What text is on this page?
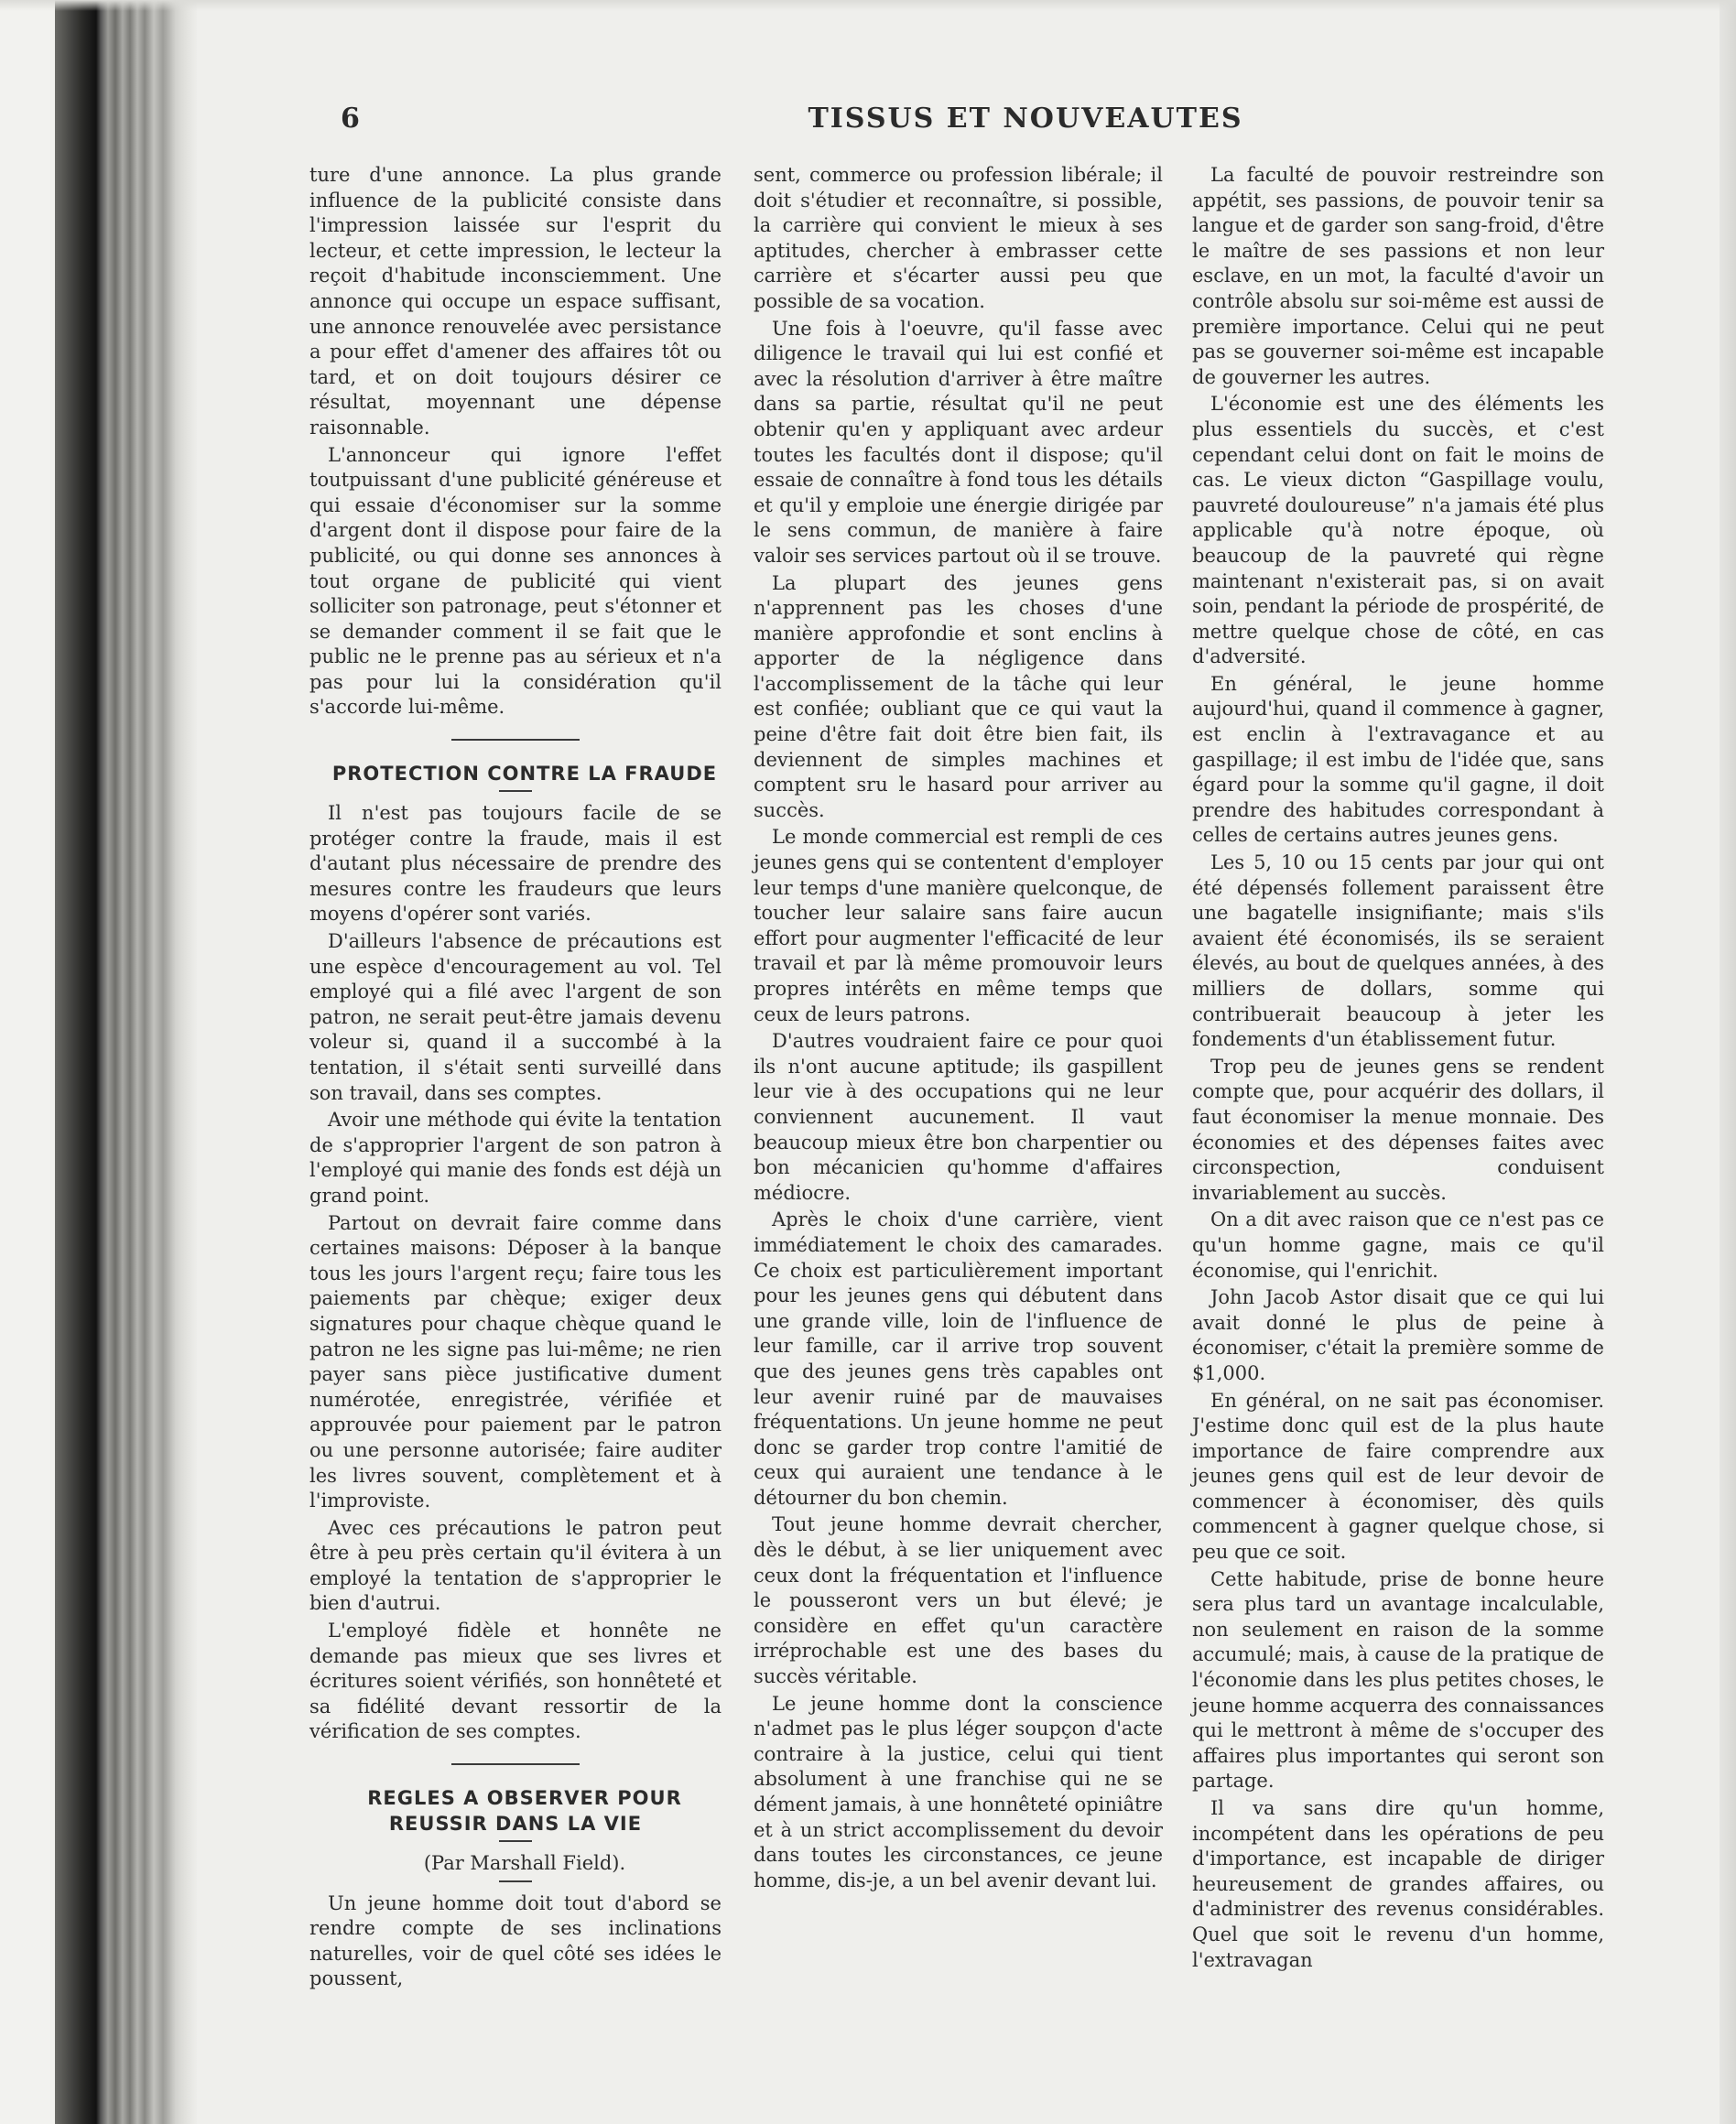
6	TISSUS ET NOUVEAUTES

ture d'une annonce. La plus grande influence de la publicité consiste dans l'impression laissée sur l'esprit du lecteur, et cette impression, le lecteur la reçoit d'habitude inconsciemment. Une annonce qui occupe un espace suffisant, une annonce renouvelée avec persistance a pour effet d'amener des affaires tôt ou tard, et on doit toujours désirer ce résultat, moyennant une dépense raisonnable.

L'annonceur qui ignore l'effet toutpuissant d'une publicité généreuse et qui essaie d'économiser sur la somme d'argent dont il dispose pour faire de la publicité, ou qui donne ses annonces à tout organe de publicité qui vient solliciter son patronage, peut s'étonner et se demander comment il se fait que le public ne le prenne pas au sérieux et n'a pas pour lui la considération qu'il s'accorde lui-même.

PROTECTION CONTRE LA FRAUDE

Il n'est pas toujours facile de se protéger contre la fraude, mais il est d'autant plus nécessaire de prendre des mesures contre les fraudeurs que leurs moyens d'opérer sont variés.

D'ailleurs l'absence de précautions est une espèce d'encouragement au vol. Tel employé qui a filé avec l'argent de son patron, ne serait peut-être jamais devenu voleur si, quand il a succombé à la tentation, il s'était senti surveillé dans son travail, dans ses comptes.

Avoir une méthode qui évite la tentation de s'approprier l'argent de son patron à l'employé qui manie des fonds est déjà un grand point.

Partout on devrait faire comme dans certaines maisons: Déposer à la banque tous les jours l'argent reçu; faire tous les paiements par chèque; exiger deux signatures pour chaque chèque quand le patron ne les signe pas lui-même; ne rien payer sans pièce justificative dument numérotée, enregistrée, vérifiée et approuvée pour paiement par le patron ou une personne autorisée; faire auditer les livres souvent, complètement et à l'improviste.

Avec ces précautions le patron peut être à peu près certain qu'il évitera à un employé la tentation de s'approprier le bien d'autrui.

L'employé fidèle et honnête ne demande pas mieux que ses livres et écritures soient vérifiés, son honnêteté et sa fidélité devant ressortir de la vérification de ses comptes.

REGLES A OBSERVER POUR REUSSIR DANS LA VIE

(Par Marshall Field).

Un jeune homme doit tout d'abord se rendre compte de ses inclinations naturelles, voir de quel côté ses idées le poussent,

sent, commerce ou profession libérale; il doit s'étudier et reconnaître, si possible, la carrière qui convient le mieux à ses aptitudes, chercher à embrasser cette carrière et s'écarter aussi peu que possible de sa vocation.

Une fois à l'oeuvre, qu'il fasse avec diligence le travail qui lui est confié et avec la résolution d'arriver à être maître dans sa partie, résultat qu'il ne peut obtenir qu'en y appliquant avec ardeur toutes les facultés dont il dispose; qu'il essaie de connaître à fond tous les détails et qu'il y emploie une énergie dirigée par le sens commun, de manière à faire valoir ses services partout où il se trouve.

La plupart des jeunes gens n'apprennent pas les choses d'une manière approfondie et sont enclins à apporter de la négligence dans l'accomplissement de la tâche qui leur est confiée; oubliant que ce qui vaut la peine d'être fait doit être bien fait, ils deviennent de simples machines et comptent sru le hasard pour arriver au succès.

Le monde commercial est rempli de ces jeunes gens qui se contentent d'employer leur temps d'une manière quelconque, de toucher leur salaire sans faire aucun effort pour augmenter l'efficacité de leur travail et par là même promouvoir leurs propres intérêts en même temps que ceux de leurs patrons.

D'autres voudraient faire ce pour quoi ils n'ont aucune aptitude; ils gaspillent leur vie à des occupations qui ne leur conviennent aucunement. Il vaut beaucoup mieux être bon charpentier ou bon mécanicien qu'homme d'affaires médiocre.

Après le choix d'une carrière, vient immédiatement le choix des camarades. Ce choix est particulièrement important pour les jeunes gens qui débutent dans une grande ville, loin de l'influence de leur famille, car il arrive trop souvent que des jeunes gens très capables ont leur avenir ruiné par de mauvaises fréquentations. Un jeune homme ne peut donc se garder trop contre l'amitié de ceux qui auraient une tendance à le détourner du bon chemin.

Tout jeune homme devrait chercher, dès le début, à se lier uniquement avec ceux dont la fréquentation et l'influence le pousseront vers un but élevé; je considère en effet qu'un caractère irréprochable est une des bases du succès véritable.

Le jeune homme dont la conscience n'admet pas le plus léger soupçon d'acte contraire à la justice, celui qui tient absolument à une franchise qui ne se dément jamais, à une honnêteté opiniâtre et à un strict accomplissement du devoir dans toutes les circonstances, ce jeune homme, dis-je, a un bel avenir devant lui.

La faculté de pouvoir restreindre son appétit, ses passions, de pouvoir tenir sa langue et de garder son sang-froid, d'être le maître de ses passions et non leur esclave, en un mot, la faculté d'avoir un contrôle absolu sur soi-même est aussi de première importance. Celui qui ne peut pas se gouverner soi-même est incapable de gouverner les autres.

L'économie est une des éléments les plus essentiels du succès, et c'est cependant celui dont on fait le moins de cas. Le vieux dicton “Gaspillage voulu, pauvreté douloureuse” n'a jamais été plus applicable qu'à notre époque, où beaucoup de la pauvreté qui règne maintenant n'existerait pas, si on avait soin, pendant la période de prospérité, de mettre quelque chose de côté, en cas d'adversité.

En général, le jeune homme aujourd'hui, quand il commence à gagner, est enclin à l'extravagance et au gaspillage; il est imbu de l'idée que, sans égard pour la somme qu'il gagne, il doit prendre des habitudes correspondant à celles de certains autres jeunes gens.

Les 5, 10 ou 15 cents par jour qui ont été dépensés follement paraissent être une bagatelle insignifiante; mais s'ils avaient été économisés, ils se seraient élevés, au bout de quelques années, à des milliers de dollars, somme qui contribuerait beaucoup à jeter les fondements d'un établissement futur.

Trop peu de jeunes gens se rendent compte que, pour acquérir des dollars, il faut économiser la menue monnaie. Des économies et des dépenses faites avec circonspection, conduisent invariablement au succès.

On a dit avec raison que ce n'est pas ce qu'un homme gagne, mais ce qu'il économise, qui l'enrichit.

John Jacob Astor disait que ce qui lui avait donné le plus de peine à économiser, c'était la première somme de $1,000.

En général, on ne sait pas économiser. J'estime donc quil est de la plus haute importance de faire comprendre aux jeunes gens quil est de leur devoir de commencer à économiser, dès quils commencent à gagner quelque chose, si peu que ce soit.

Cette habitude, prise de bonne heure sera plus tard un avantage incalculable, non seulement en raison de la somme accumulé; mais, à cause de la pratique de l'économie dans les plus petites choses, le jeune homme acquerra des connaissances qui le mettront à même de s'occuper des affaires plus importantes qui seront son partage.

Il va sans dire qu'un homme, incompétent dans les opérations de peu d'importance, est incapable de diriger heureusement de grandes affaires, ou d'administrer des revenus considérables. Quel que soit le revenu d'un homme, l'extravagan
